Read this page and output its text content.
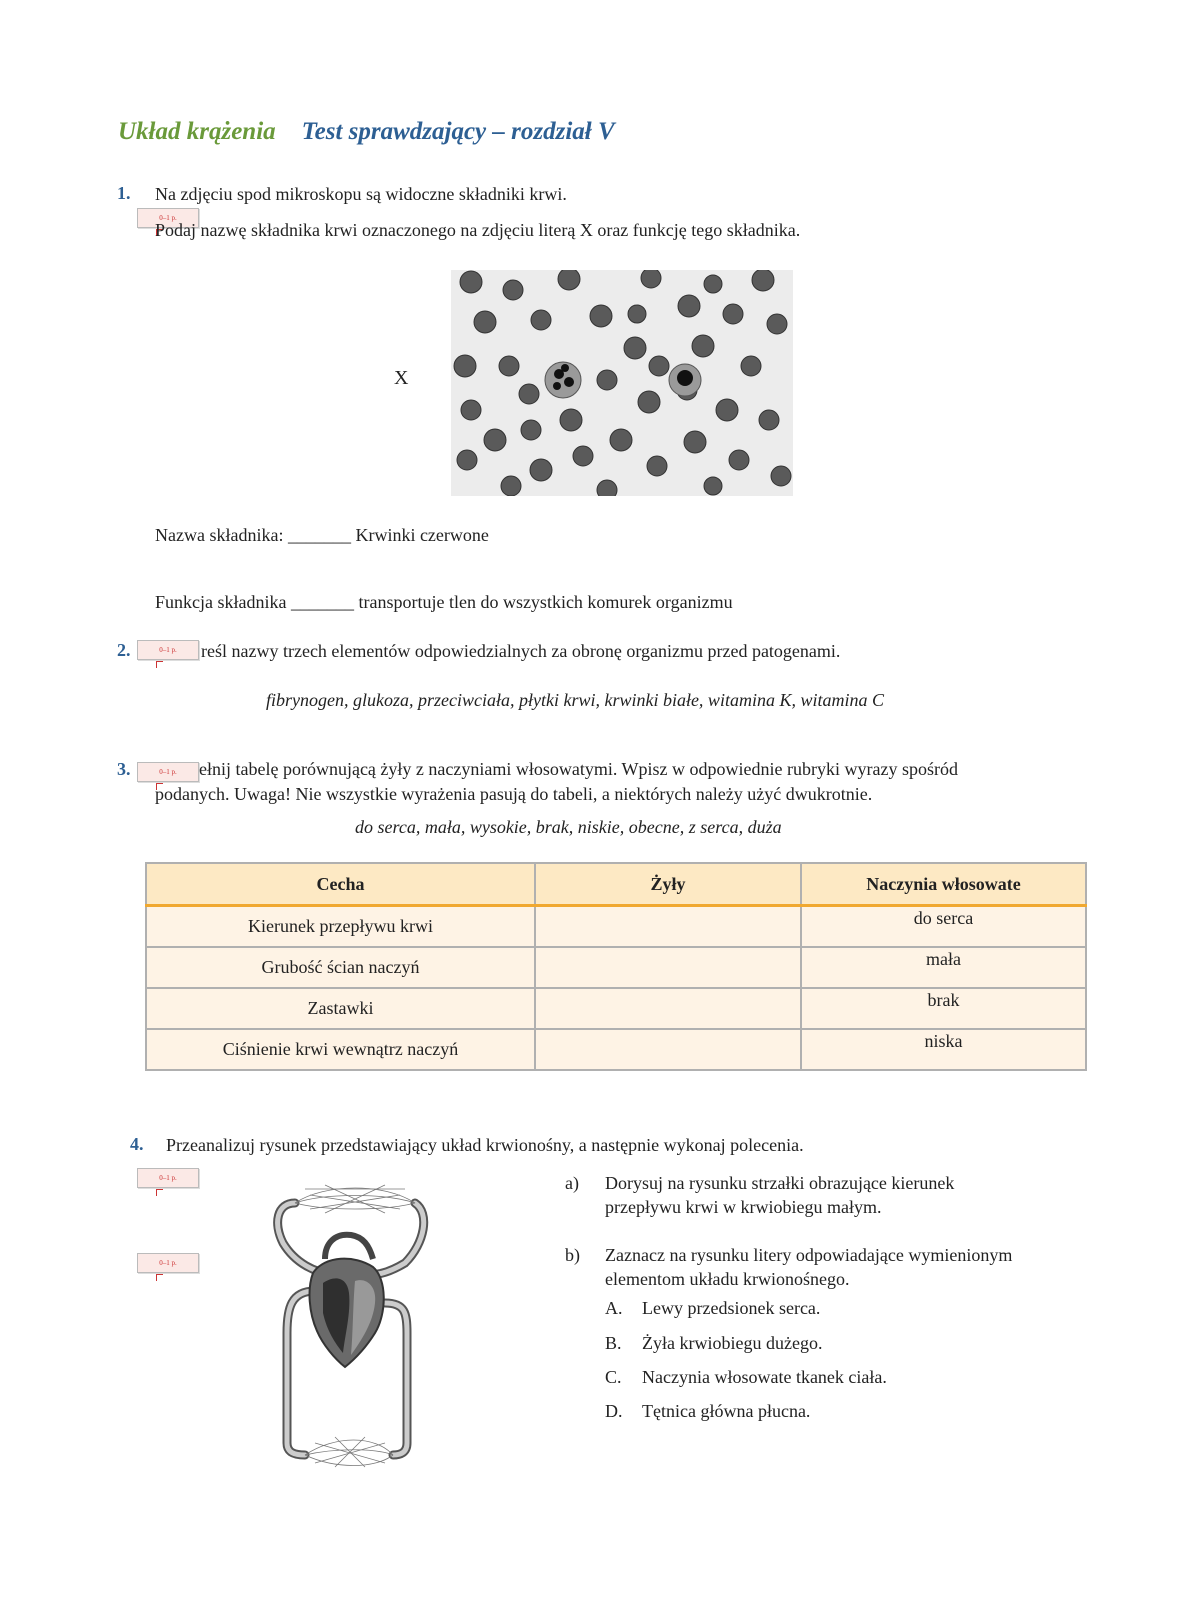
Układ krążenia Test sprawdzający – rozdział V
1. Na zdjęciu spod mikroskopu są widoczne składniki krwi.
0–1 p.
Podaj nazwę składnika krwi oznaczonego na zdjęciu literą X oraz funkcję tego składnika.
X
Nazwa składnika: _______ Krwinki czerwone
Funkcja składnika _______ transportuje tlen do wszystkich komurek organizmu
2.	0–1 p.	reśl nazwy trzech elementów odpowiedzialnych za obronę organizmu przed patogenami.
fibrynogen, glukoza, przeciwciała, płytki krwi, krwinki białe, witamina K, witamina C
3.	0–1 p.	ełnij tabelę porównującą żyły z naczyniami włosowatymi. Wpisz w odpowiednie rubryki wyrazy spośród
podanych. Uwaga! Nie wszystkie wyrażenia pasują do tabeli, a niektórych należy użyć dwukrotnie.
do serca, mała, wysokie, brak, niskie, obecne, z serca, duża
Cecha	Żyły	Naczynia włosowate
Kierunek przepływu krwi		do serca
Grubość ścian naczyń		mała
Zastawki		brak
Ciśnienie krwi wewnątrz naczyń		niska
4. Przeanalizuj rysunek przedstawiający układ krwionośny, a następnie wykonaj polecenia.
0–1 p.
0–1 p.
a) Dorysuj na rysunku strzałki obrazujące kierunek
przepływu krwi w krwiobiegu małym.
b) Zaznacz na rysunku litery odpowiadające wymienionym
elementom układu krwionośnego.
A. Lewy przedsionek serca.
B. Żyła krwiobiegu dużego.
C. Naczynia włosowate tkanek ciała.
D. Tętnica główna płucna.
